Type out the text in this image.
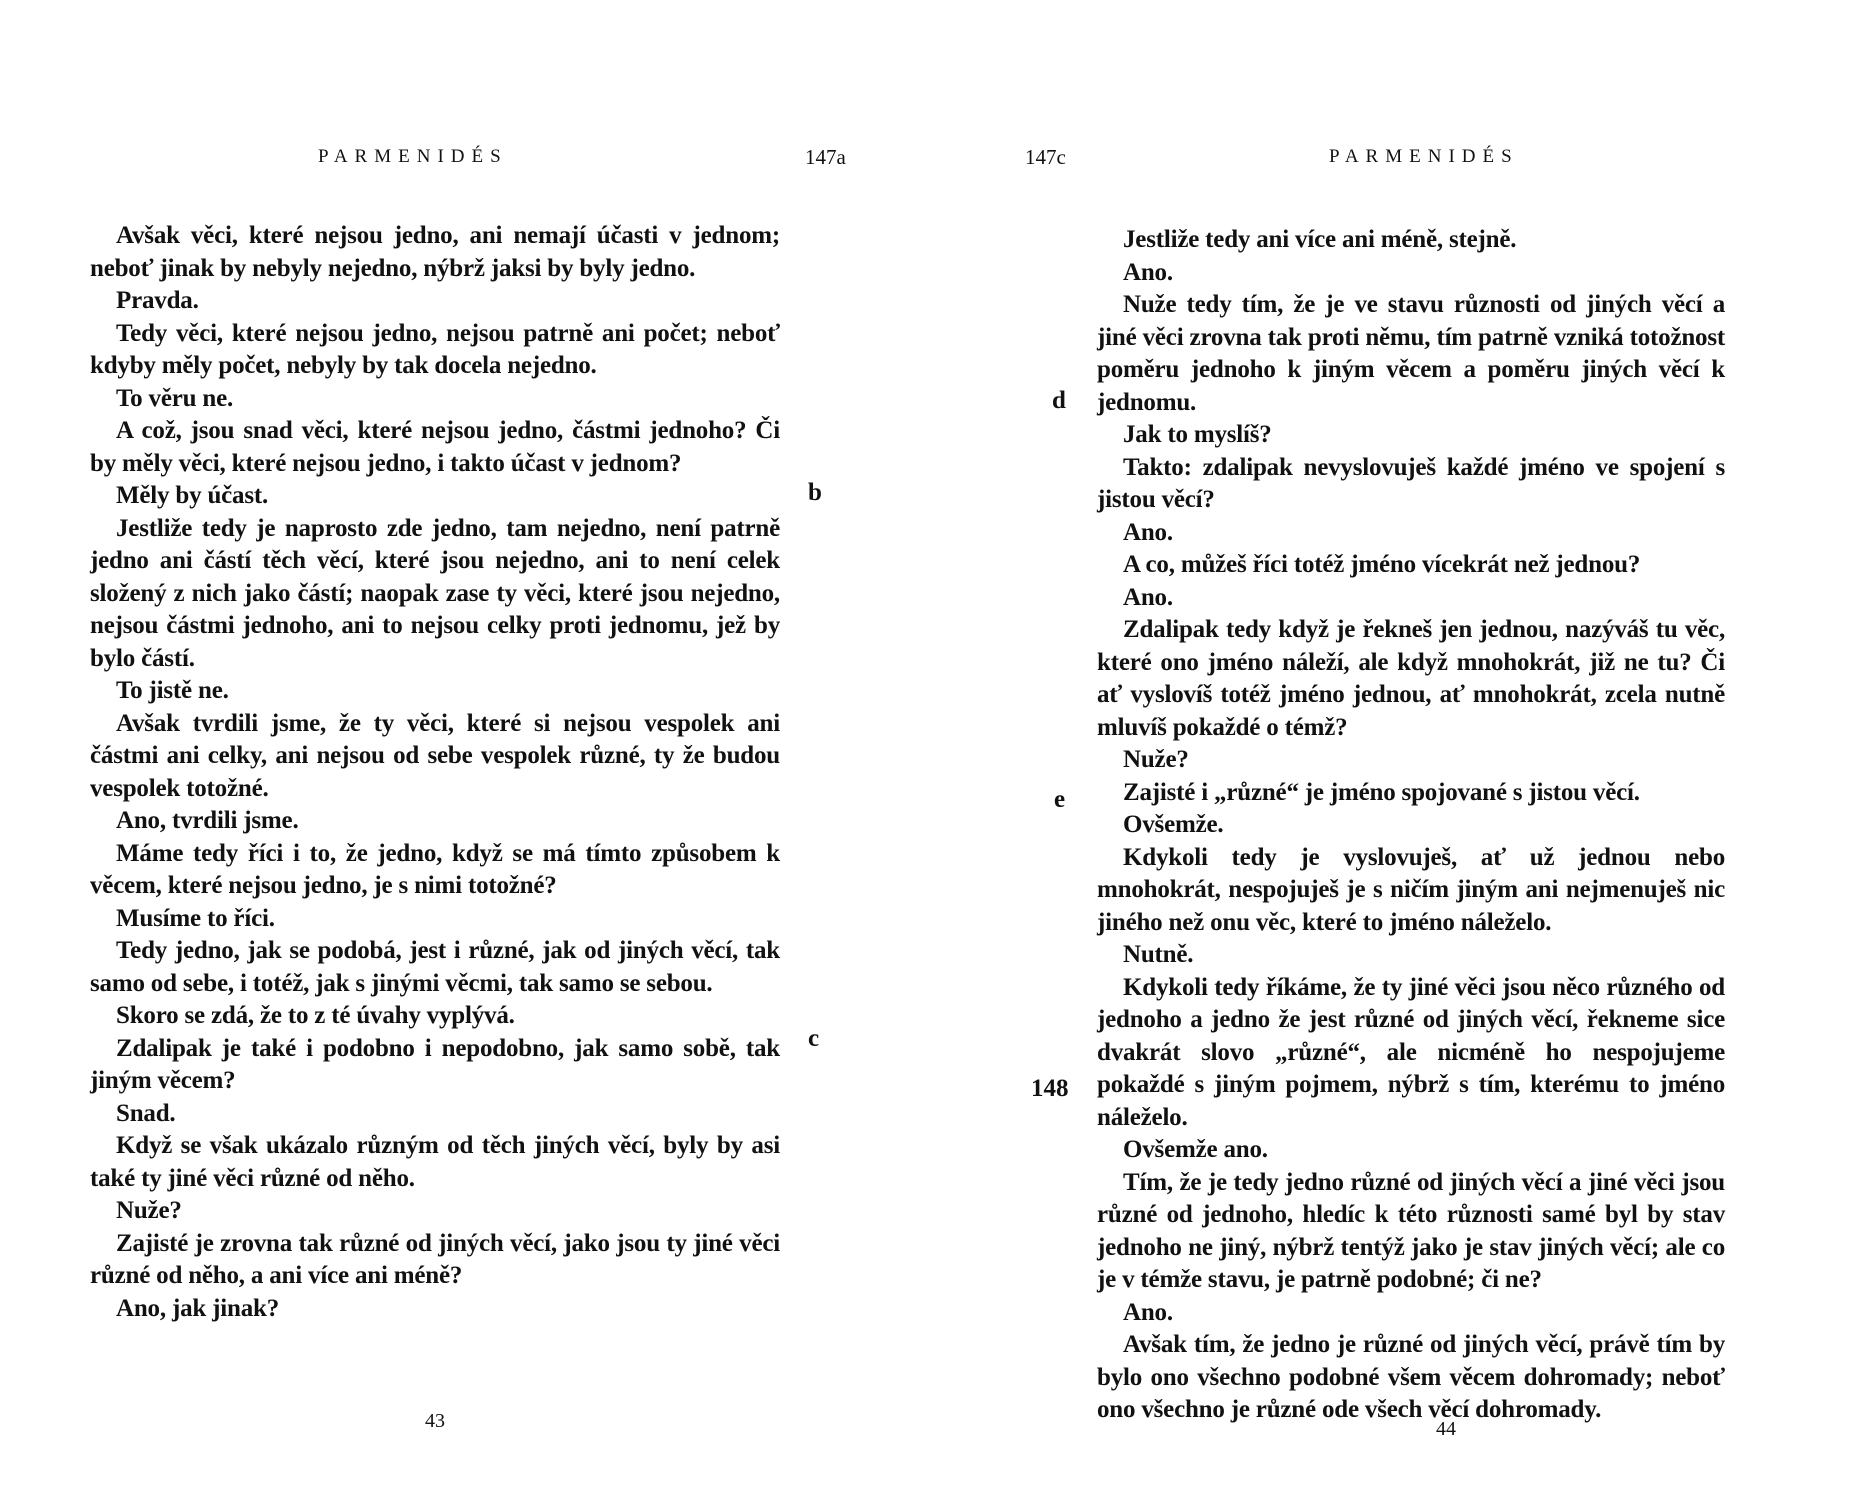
PARMENIDÉS	147a

Avšak věci, které nejsou jedno, ani nemají účasti v jednom; neboť jinak by nebyly nejedno, nýbrž jaksi by byly jedno.

Pravda.

Tedy věci, které nejsou jedno, nejsou patrně ani počet; neboť kdyby měly počet, nebyly by tak docela nejedno.

To věru ne.

A což, jsou snad věci, které nejsou jedno, částmi jednoho? Či by měly věci, které nejsou jedno, i takto účast v jednom?

Měly by účast.

Jestliže tedy je naprosto zde jedno, tam nejedno, není patrně jedno ani částí těch věcí, které jsou nejedno, ani to není celek složený z nich jako částí; naopak zase ty věci, které jsou nejedno, nejsou částmi jednoho, ani to nejsou celky proti jednomu, jež by bylo částí.

To jistě ne.

Avšak tvrdili jsme, že ty věci, které si nejsou vespolek ani částmi ani celky, ani nejsou od sebe vespolek různé, ty že budou vespolek totožné.

Ano, tvrdili jsme.

Máme tedy říci i to, že jedno, když se má tímto způsobem k věcem, které nejsou jedno, je s nimi totožné?

Musíme to říci.

Tedy jedno, jak se podobá, jest i různé, jak od jiných věcí, tak samo od sebe, i totéž, jak s jinými věcmi, tak samo se sebou.

Skoro se zdá, že to z té úvahy vyplývá.

Zdalipak je také i podobno i nepodobno, jak samo sobě, tak jiným věcem?

Snad.

Když se však ukázalo různým od těch jiných věcí, byly by asi také ty jiné věci různé od něho.

Nuže?

Zajisté je zrovna tak různé od jiných věcí, jako jsou ty jiné věci různé od něho, a ani více ani méně?

Ano, jak jinak?

b
c
43
147c	PARMENIDÉS

Jestliže tedy ani více ani méně, stejně.

Ano.

Nuže tedy tím, že je ve stavu různosti od jiných věcí a jiné věci zrovna tak proti němu, tím patrně vzniká totožnost poměru jednoho k jiným věcem a poměru jiných věcí k jednomu.

Jak to myslíš?

Takto: zdalipak nevyslovuješ každé jméno ve spojení s jistou věcí?

Ano.

A co, můžeš říci totéž jméno vícekrát než jednou?

Ano.

Zdalipak tedy když je řekneš jen jednou, nazýváš tu věc, které ono jméno náleží, ale když mnohokrát, již ne tu? Či ať vyslovíš totéž jméno jednou, ať mnohokrát, zcela nutně mluvíš pokaždé o témž?

Nuže?

Zajisté i „různé“ je jméno spojované s jistou věcí.

Ovšemže.

Kdykoli tedy je vyslovuješ, ať už jednou nebo mnohokrát, nespojuješ je s ničím jiným ani nejmenuješ nic jiného než onu věc, které to jméno náleželo.

Nutně.

Kdykoli tedy říkáme, že ty jiné věci jsou něco různého od jednoho a jedno že jest různé od jiných věcí, řekneme sice dvakrát slovo „různé“, ale nicméně ho nespojujeme pokaždé s jiným pojmem, nýbrž s tím, kterému to jméno náleželo.

Ovšemže ano.

Tím, že je tedy jedno různé od jiných věcí a jiné věci jsou různé od jednoho, hledíc k této různosti samé byl by stav jednoho ne jiný, nýbrž tentýž jako je stav jiných věcí; ale co je v témže stavu, je patrně podobné; či ne?

Ano.

Avšak tím, že jedno je různé od jiných věcí, právě tím by bylo ono všechno podobné všem věcem dohromady; neboť ono všechno je různé ode všech věcí dohromady.

d
e
148
44
